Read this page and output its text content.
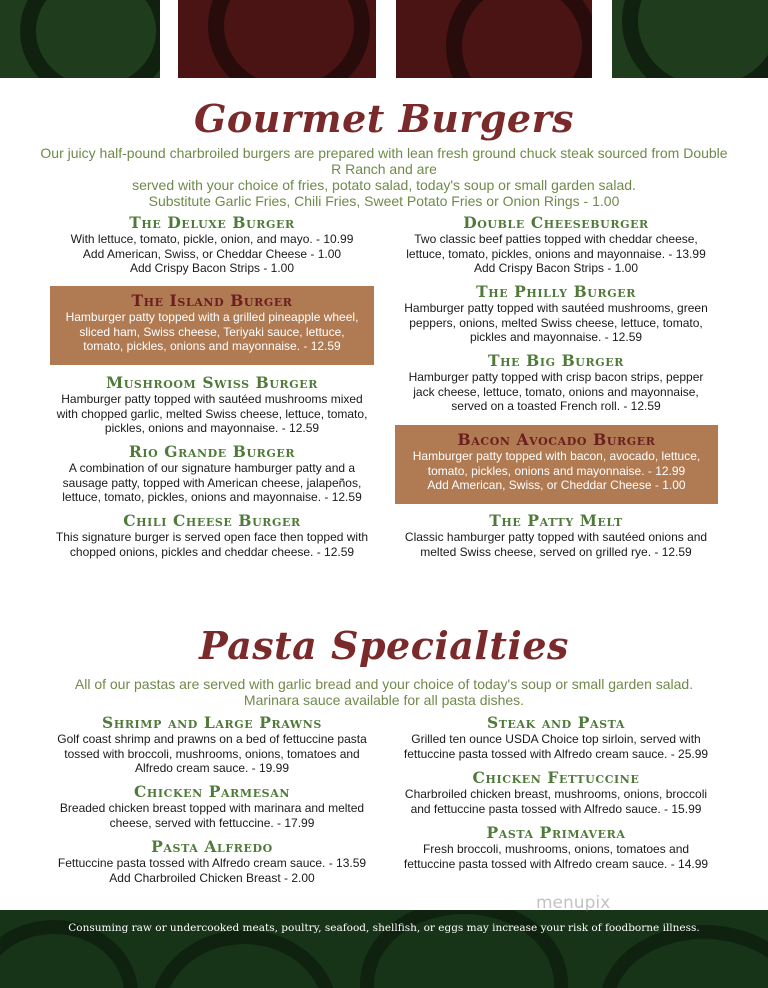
Gourmet Burgers
Our juicy half-pound charbroiled burgers are prepared with lean fresh ground chuck steak sourced from Double R Ranch and are
served with your choice of fries, potato salad, today's soup or small garden salad.
Substitute Garlic Fries, Chili Fries, Sweet Potato Fries or Onion Rings - 1.00
The Deluxe Burger
With lettuce, tomato, pickle, onion, and mayo. - 10.99
Add American, Swiss, or Cheddar Cheese - 1.00
Add Crispy Bacon Strips - 1.00
The Island Burger
Hamburger patty topped with a grilled pineapple wheel,
sliced ham, Swiss cheese, Teriyaki sauce, lettuce,
tomato, pickles, onions and mayonnaise. - 12.59
Mushroom Swiss Burger
Hamburger patty topped with sautéed mushrooms mixed
with chopped garlic, melted Swiss cheese, lettuce, tomato,
pickles, onions and mayonnaise. - 12.59
Rio Grande Burger
A combination of our signature hamburger patty and a
sausage patty, topped with American cheese, jalapeños,
lettuce, tomato, pickles, onions and mayonnaise. - 12.59
Chili Cheese Burger
This signature burger is served open face then topped with
chopped onions, pickles and cheddar cheese. - 12.59
Double Cheeseburger
Two classic beef patties topped with cheddar cheese,
lettuce, tomato, pickles, onions and mayonnaise. - 13.99
Add Crispy Bacon Strips - 1.00
The Philly Burger
Hamburger patty topped with sautéed mushrooms, green
peppers, onions, melted Swiss cheese, lettuce, tomato,
pickles and mayonnaise. - 12.59
The Big Burger
Hamburger patty topped with crisp bacon strips, pepper
jack cheese, lettuce, tomato, onions and mayonnaise,
served on a toasted French roll. - 12.59
Bacon Avocado Burger
Hamburger patty topped with bacon, avocado, lettuce,
tomato, pickles, onions and mayonnaise. - 12.99
Add American, Swiss, or Cheddar Cheese - 1.00
The Patty Melt
Classic hamburger patty topped with sautéed onions and
melted Swiss cheese, served on grilled rye. - 12.59
Pasta Specialties
All of our pastas are served with garlic bread and your choice of today's soup or small garden salad.
Marinara sauce available for all pasta dishes.
Shrimp and Large Prawns
Golf coast shrimp and prawns on a bed of fettuccine pasta
tossed with broccoli, mushrooms, onions, tomatoes and
Alfredo cream sauce. - 19.99
Chicken Parmesan
Breaded chicken breast topped with marinara and melted
cheese, served with fettuccine. - 17.99
Pasta Alfredo
Fettuccine pasta tossed with Alfredo cream sauce. - 13.59
Add Charbroiled Chicken Breast - 2.00
Steak and Pasta
Grilled ten ounce USDA Choice top sirloin, served with
fettuccine pasta tossed with Alfredo cream sauce. - 25.99
Chicken Fettuccine
Charbroiled chicken breast, mushrooms, onions, broccoli
and fettuccine pasta tossed with Alfredo sauce. - 15.99
Pasta Primavera
Fresh broccoli, mushrooms, onions, tomatoes and
fettuccine pasta tossed with Alfredo cream sauce. - 14.99
Consuming raw or undercooked meats, poultry, seafood, shellfish, or eggs may increase your risk of foodborne illness.
menupix
